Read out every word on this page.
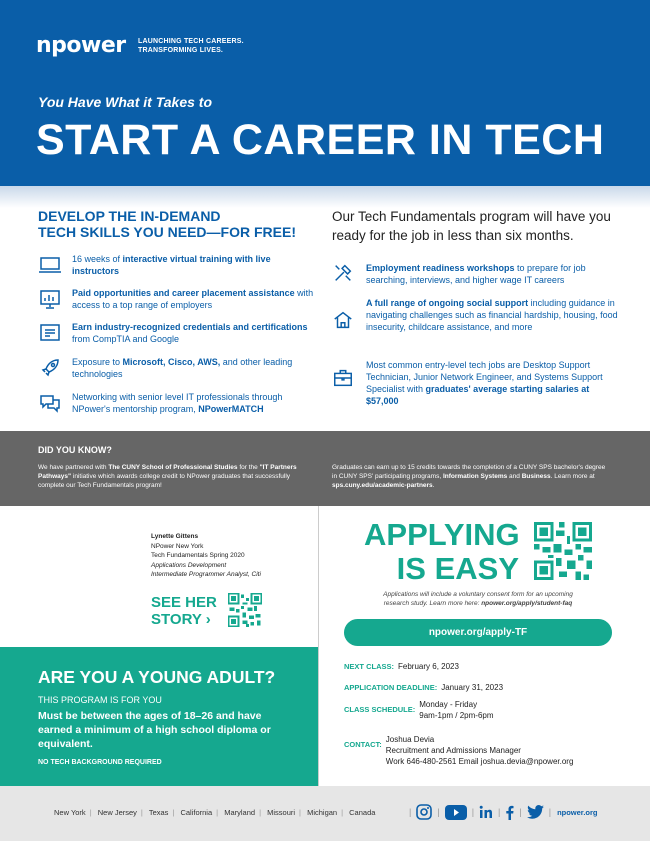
npower LAUNCHING TECH CAREERS.
TRANSFORMING LIVES.
You Have What it Takes to
START A CAREER IN TECH
DEVELOP THE IN-DEMAND
TECH SKILLS YOU NEED—FOR FREE!
16 weeks of interactive virtual training with live instructors
Paid opportunities and career placement assistance with access to a top range of employers
Earn industry-recognized credentials and certifications from CompTIA and Google
Exposure to Microsoft, Cisco, AWS, and other leading technologies
Networking with senior level IT professionals through NPower's mentorship program, NPowerMATCH
Our Tech Fundamentals program will have you ready for the job in less than six months.
Employment readiness workshops to prepare for job searching, interviews, and higher wage IT careers
A full range of ongoing social support including guidance in navigating challenges such as financial hardship, housing, food insecurity, childcare assistance, and more
Most common entry-level tech jobs are Desktop Support Technician, Junior Network Engineer, and Systems Support Specialist with graduates' average starting salaries at $57,000
DID YOU KNOW?
We have partnered with The CUNY School of Professional Studies for the "IT Partners Pathways" initiative which awards college credit to NPower graduates that successfully complete our Tech Fundamentals program!
Graduates can earn up to 15 credits towards the completion of a CUNY SPS bachelor's degree in CUNY SPS' participating programs, Information Systems and Business. Learn more at sps.cuny.edu/academic-partners.
Lynette Gittens
NPower New York
Tech Fundamentals Spring 2020
Applications Development
Intermediate Programmer Analyst, Citi
SEE HER
STORY ›
ARE YOU A YOUNG ADULT?
THIS PROGRAM IS FOR YOU
Must be between the ages of 18–26 and have earned a minimum of a high school diploma or equivalent.
NO TECH BACKGROUND REQUIRED
APPLYING
IS EASY
Applications will include a voluntary consent form for an upcoming
research study. Learn more here: npower.org/apply/student-faq
npower.org/apply-TF
NEXT CLASS: February 6, 2023
APPLICATION DEADLINE: January 31, 2023
CLASS SCHEDULE:Monday - Friday
9am-1pm / 2pm-6pm
CONTACT:Joshua Devia
Recruitment and Admissions Manager
Work 646-480-2561 Email joshua.devia@npower.org
New York | New Jersey | Texas | California | Maryland | Missouri | Michigan | Canada	|	|	|	| |	| npower.org
